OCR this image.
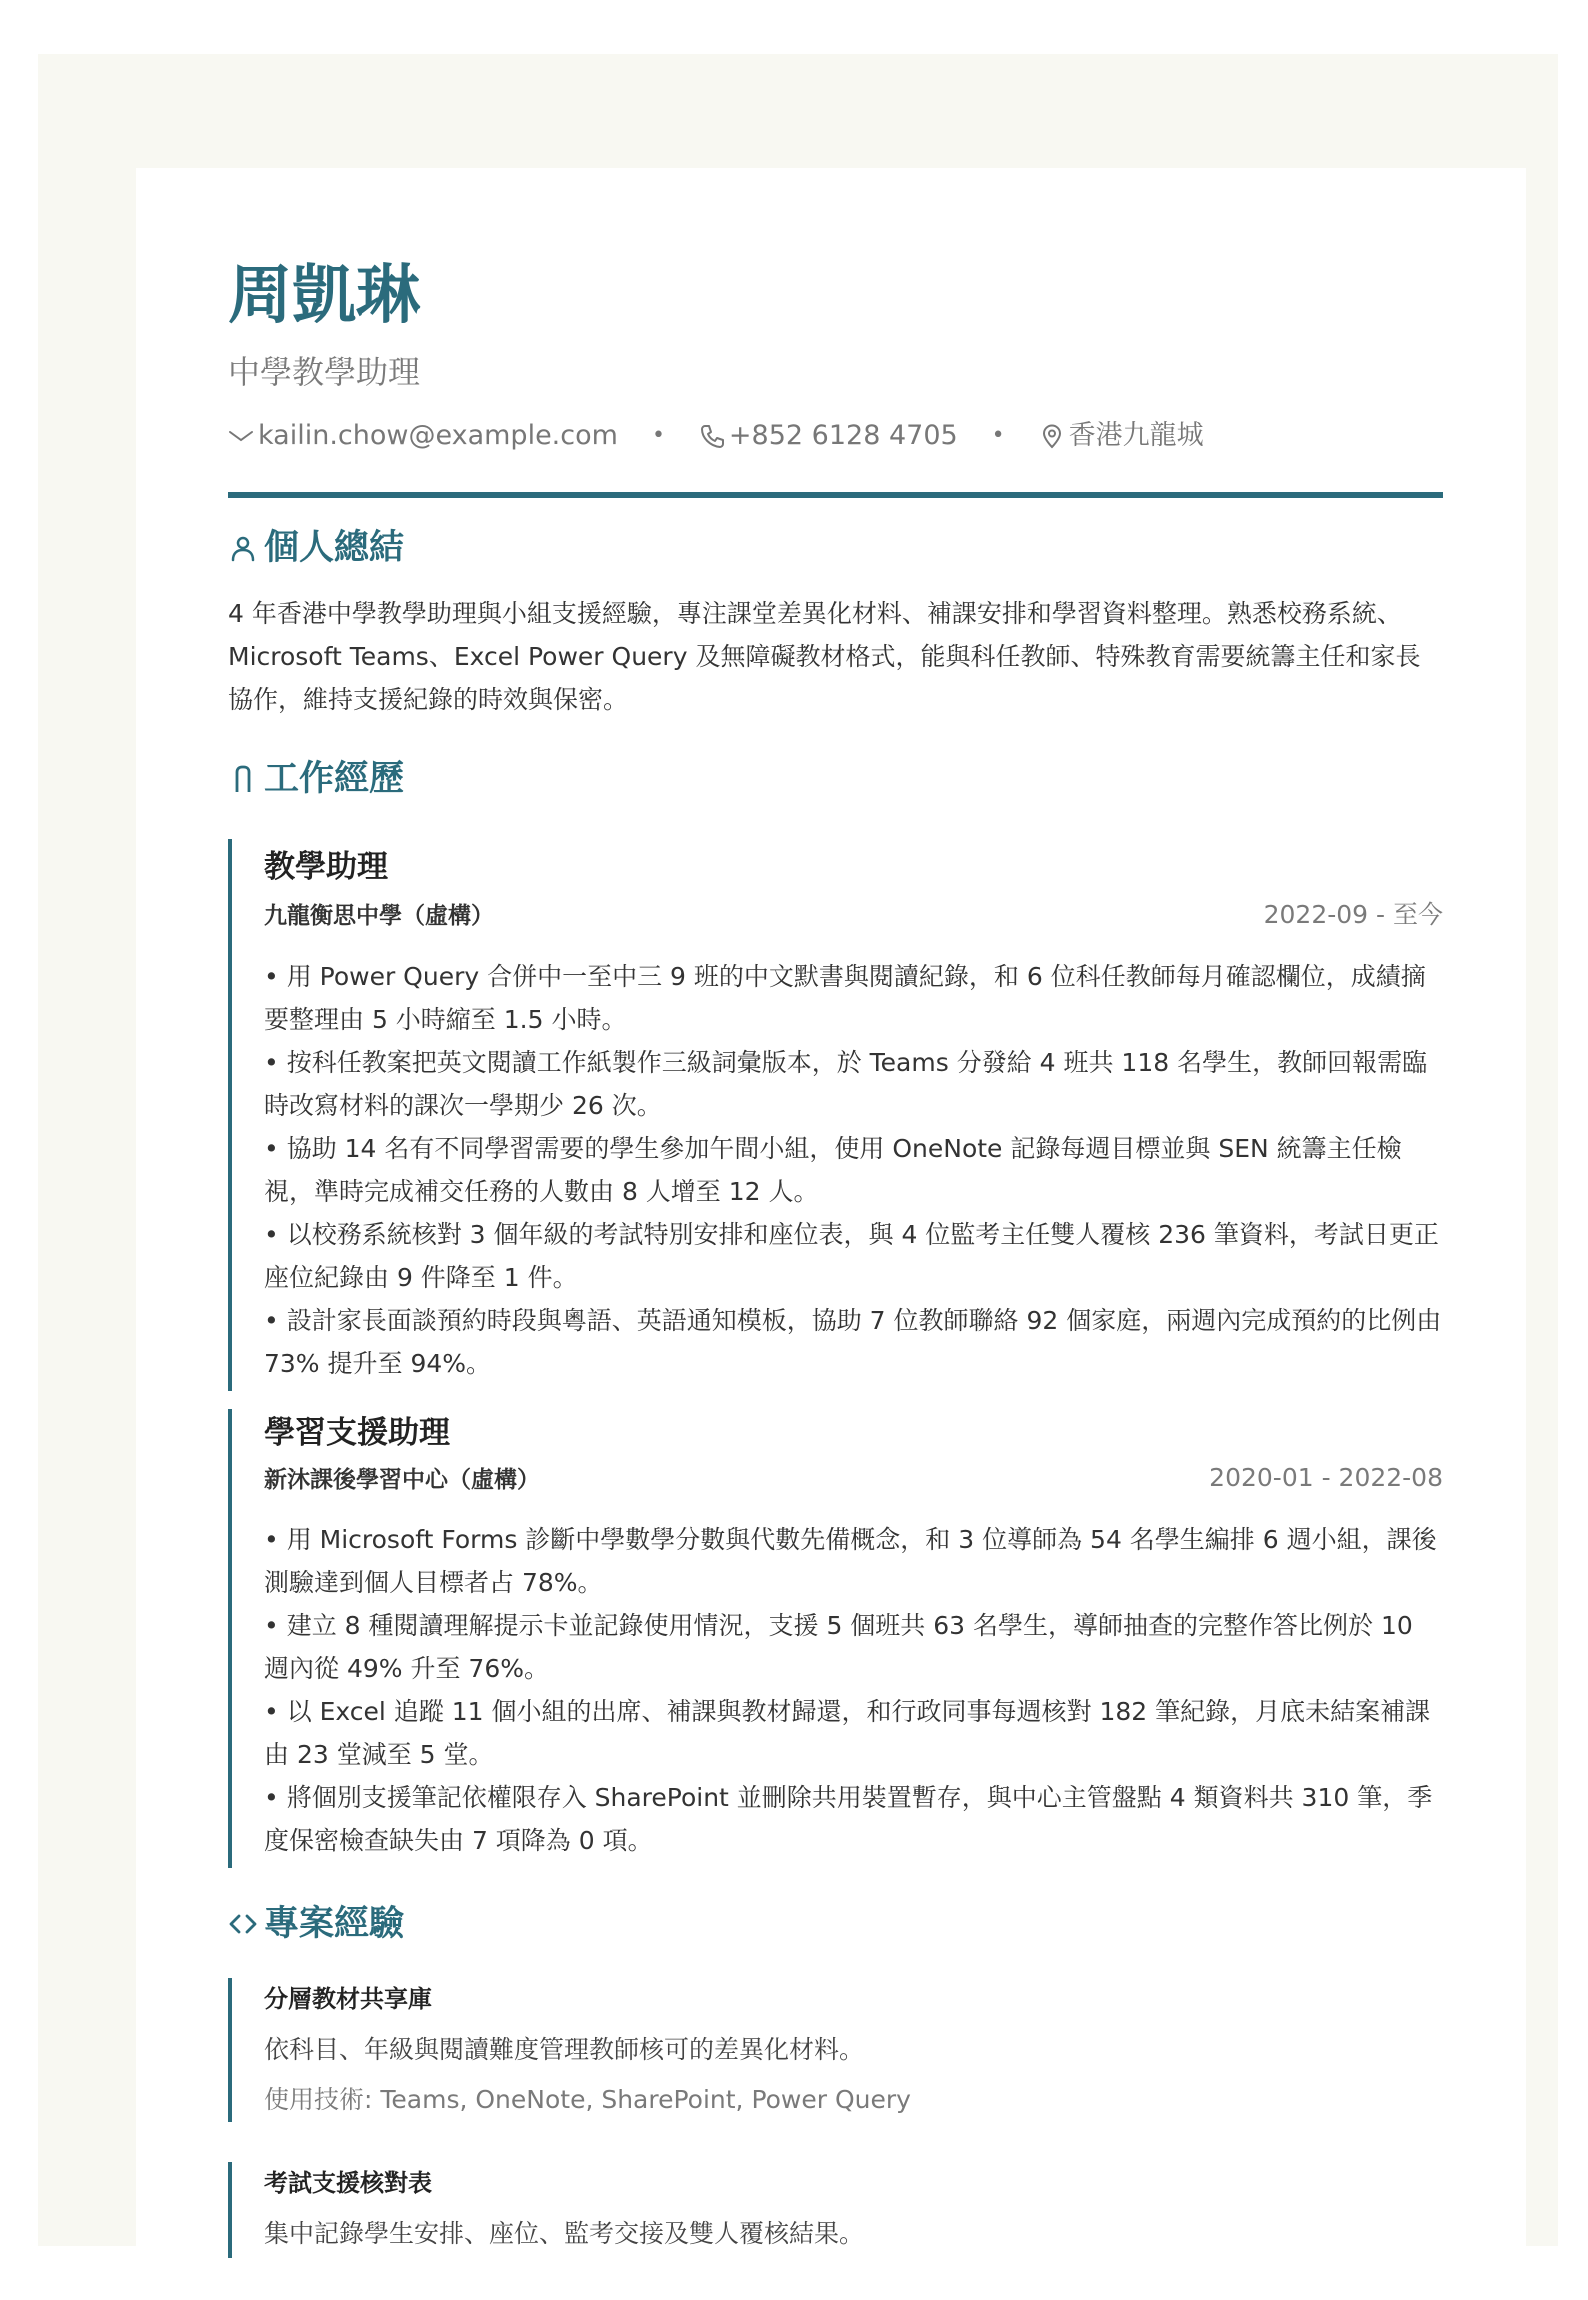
周凱琳
中學教學助理
kailin.chow@example.com • +852 6128 4705 • 香港九龍城
個人總結
4 年香港中學教學助理與小組支援經驗，專注課堂差異化材料、補課安排和學習資料整理。熟悉校務系統、Microsoft Teams、Excel Power Query 及無障礙教材格式，能與科任教師、特殊教育需要統籌主任和家長協作，維持支援紀錄的時效與保密。
工作經歷
教學助理
九龍衡思中學（虛構）	2022-09 - 至今
• 用 Power Query 合併中一至中三 9 班的中文默書與閱讀紀錄，和 6 位科任教師每月確認欄位，成績摘要整理由 5 小時縮至 1.5 小時。
• 按科任教案把英文閱讀工作紙製作三級詞彙版本，於 Teams 分發給 4 班共 118 名學生，教師回報需臨時改寫材料的課次一學期少 26 次。
• 協助 14 名有不同學習需要的學生參加午間小組，使用 OneNote 記錄每週目標並與 SEN 統籌主任檢視，準時完成補交任務的人數由 8 人增至 12 人。
• 以校務系統核對 3 個年級的考試特別安排和座位表，與 4 位監考主任雙人覆核 236 筆資料，考試日更正座位紀錄由 9 件降至 1 件。
• 設計家長面談預約時段與粵語、英語通知模板，協助 7 位教師聯絡 92 個家庭，兩週內完成預約的比例由 73% 提升至 94%。
學習支援助理
新沐課後學習中心（虛構）	2020-01 - 2022-08
• 用 Microsoft Forms 診斷中學數學分數與代數先備概念，和 3 位導師為 54 名學生編排 6 週小組，課後測驗達到個人目標者占 78%。
• 建立 8 種閱讀理解提示卡並記錄使用情況，支援 5 個班共 63 名學生，導師抽查的完整作答比例於 10 週內從 49% 升至 76%。
• 以 Excel 追蹤 11 個小組的出席、補課與教材歸還，和行政同事每週核對 182 筆紀錄，月底未結案補課由 23 堂減至 5 堂。
• 將個別支援筆記依權限存入 SharePoint 並刪除共用裝置暫存，與中心主管盤點 4 類資料共 310 筆，季度保密檢查缺失由 7 項降為 0 項。
專案經驗
分層教材共享庫
依科目、年級與閱讀難度管理教師核可的差異化材料。
使用技術: Teams, OneNote, SharePoint, Power Query
考試支援核對表
集中記錄學生安排、座位、監考交接及雙人覆核結果。
